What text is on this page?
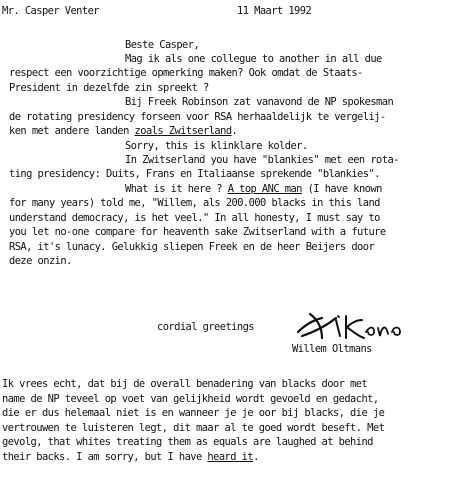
Mr. Casper Venter

	11 Maart 1992

Beste Casper,

Mag ik als one collegue to another in all due

respect een voorzichtige opmerking maken? Ook omdat de Staats-

President in dezelfde zin spreekt ?

Bij Freek Robinson zat vanavond de NP spokesman

de rotating presidency forseen voor RSA herhaaldelijk te vergelij-

ken met andere landen zoals Zwitserland.

Sorry, this is klinklare kolder.

In Zwitserland you have "blankies" met een rota-

ting presidency: Duits, Frans en Italiaanse sprekende "blankies".

What is it here ? A top ANC man (I have known

for many years) told me, "Willem, als 200.000 blacks in this land

understand democracy, is het veel." In all honesty, I must say to

you let no-one compare for heaventh sake Zwitserland with a future

RSA, it's lunacy. Gelukkig sliepen Freek en de heer Beijers door

deze onzin.

cordial greetings

Willem Oltmans

Ik vrees echt, dat bij de overall benadering van blacks door met

name de NP teveel op voet van gelijkheid wordt gevoeld en gedacht,

die er dus helemaal niet is en wanneer je je oor bij blacks, die je

vertrouwen te luisteren legt, dit maar al te goed wordt beseft. Met

gevolg, that whites treating them as equals are laughed at behind

their backs. I am sorry, but I have heard it.
